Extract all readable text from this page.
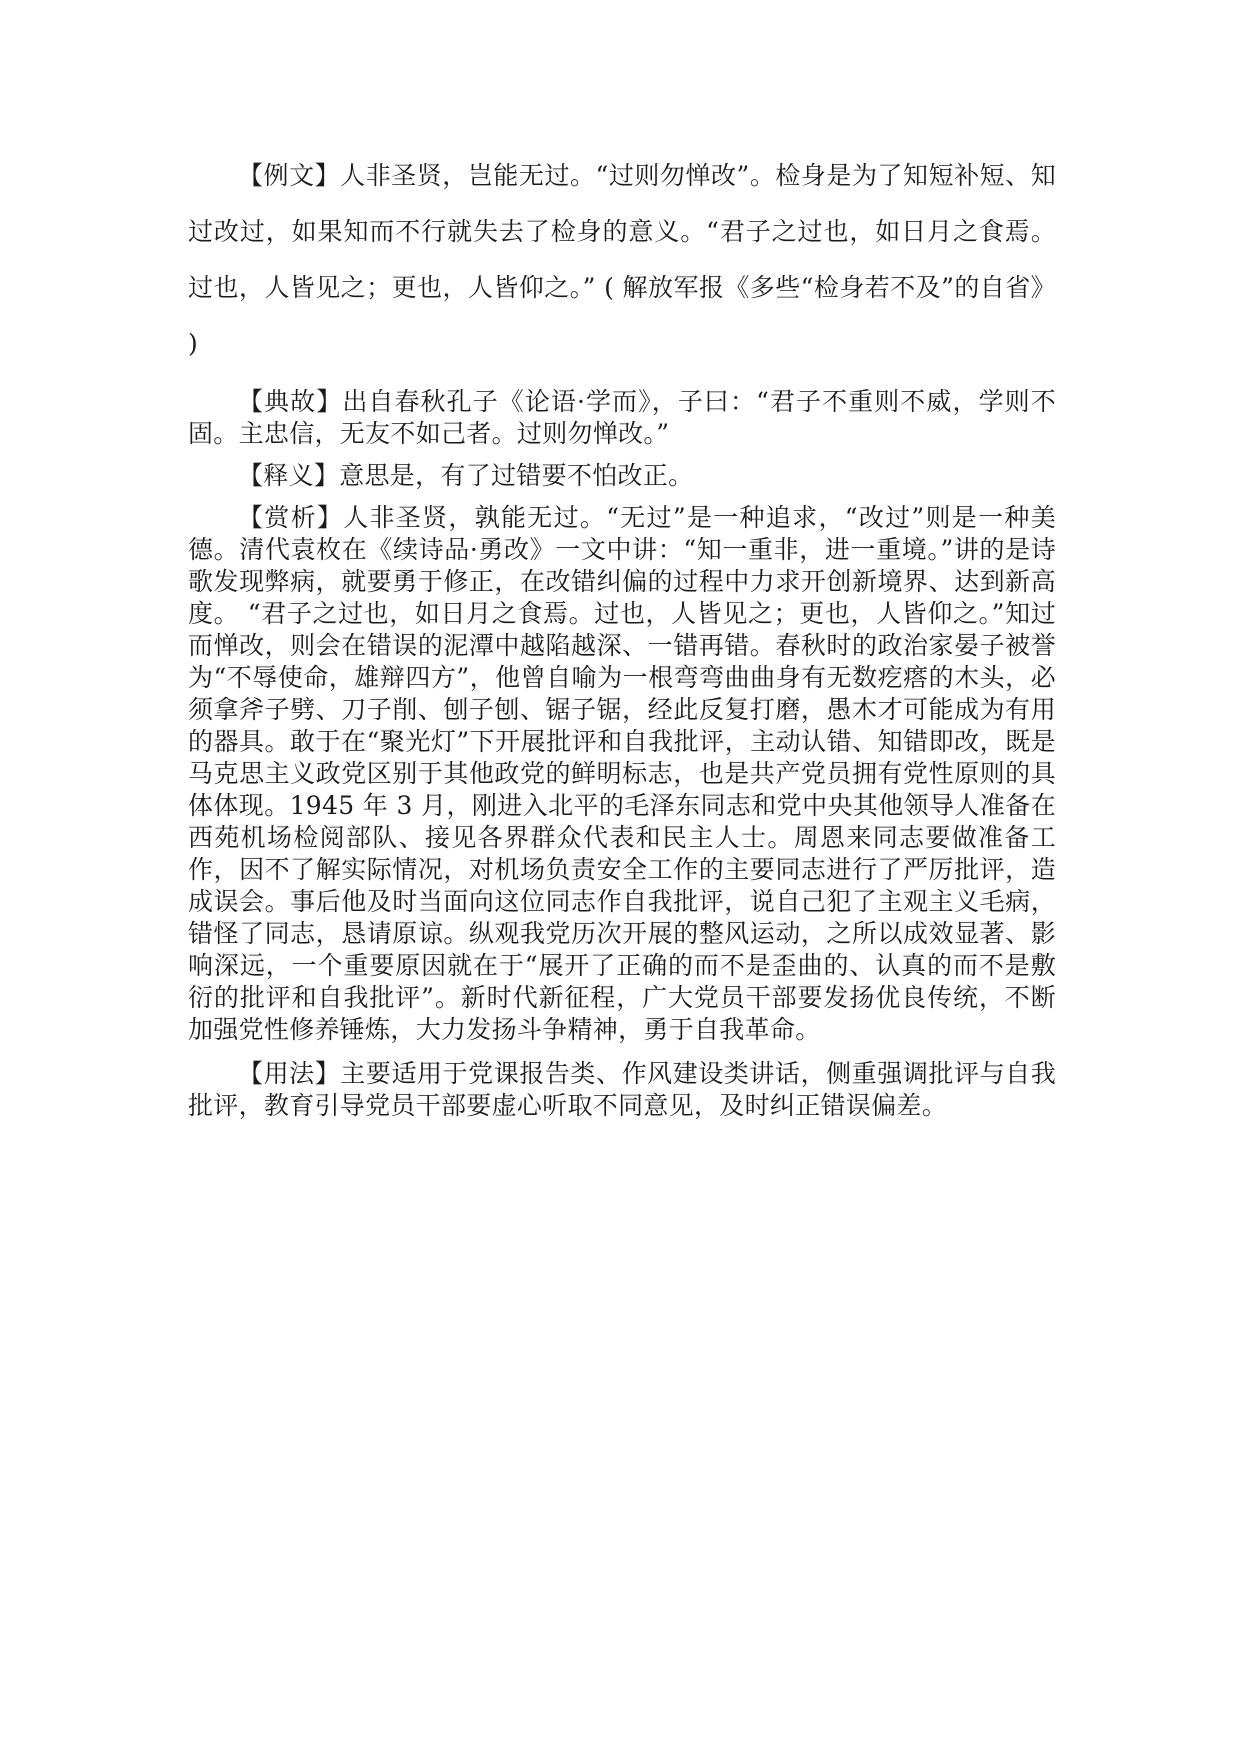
【例文】人非圣贤，岂能无过。“过则勿惮改”。检身是为了知短补短、知过改过，如果知而不行就失去了检身的意义。“君子之过也，如日月之食焉。过也，人皆见之；更也，人皆仰之。” ( 解放军报《多些“检身若不及”的自省》 )

【典故】出自春秋孔子《论语·学而》，子曰：“君子不重则不威，学则不固。主忠信，无友不如己者。过则勿惮改。”

【释义】意思是，有了过错要不怕改正。

【赏析】人非圣贤，孰能无过。“无过”是一种追求，“改过”则是一种美德。清代袁枚在《续诗品·勇改》一文中讲：“知一重非，进一重境。”讲的是诗歌发现弊病，就要勇于修正，在改错纠偏的过程中力求开创新境界、达到新高度。 “君子之过也，如日月之食焉。过也，人皆见之；更也，人皆仰之。”知过而惮改，则会在错误的泥潭中越陷越深、一错再错。春秋时的政治家晏子被誉为“不辱使命，雄辩四方”，他曾自喻为一根弯弯曲曲身有无数疙瘩的木头，必须拿斧子劈、刀子削、刨子刨、锯子锯，经此反复打磨，愚木才可能成为有用的器具。敢于在“聚光灯”下开展批评和自我批评，主动认错、知错即改，既是马克思主义政党区别于其他政党的鲜明标志，也是共产党员拥有党性原则的具体体现。1945 年 3 月，刚进入北平的毛泽东同志和党中央其他领导人准备在西苑机场检阅部队、接见各界群众代表和民主人士。周恩来同志要做准备工作，因不了解实际情况，对机场负责安全工作的主要同志进行了严厉批评，造成误会。事后他及时当面向这位同志作自我批评，说自己犯了主观主义毛病，错怪了同志，恳请原谅。纵观我党历次开展的整风运动，之所以成效显著、影响深远，一个重要原因就在于“展开了正确的而不是歪曲的、认真的而不是敷衍的批评和自我批评”。新时代新征程，广大党员干部要发扬优良传统，不断加强党性修养锤炼，大力发扬斗争精神，勇于自我革命。

【用法】主要适用于党课报告类、作风建设类讲话，侧重强调批评与自我批评，教育引导党员干部要虚心听取不同意见，及时纠正错误偏差。
